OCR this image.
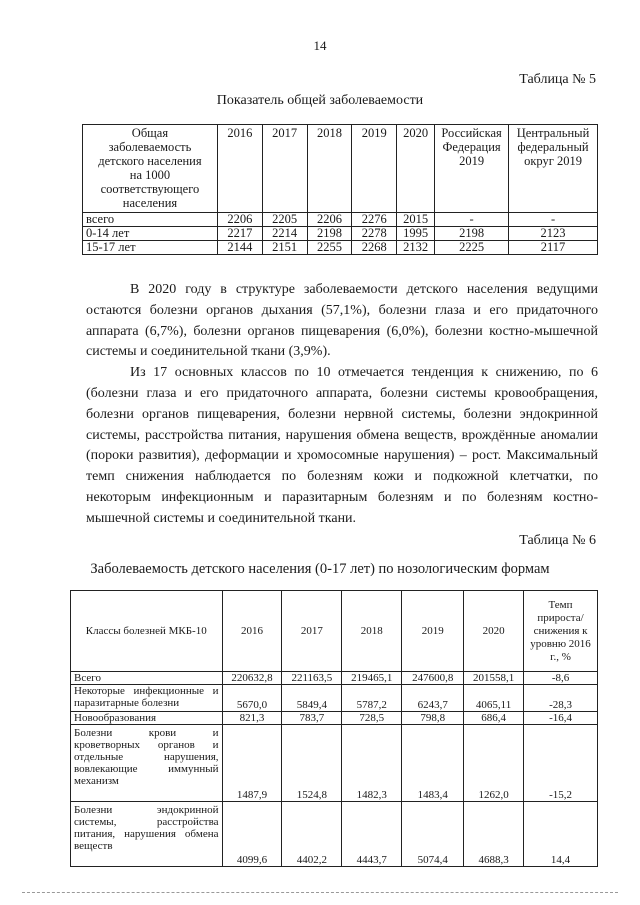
14
Таблица № 5
Показатель общей заболеваемости
Общая заболеваемость детского населения на 1000 соответствующего населения	2016	2017	2018	2019	2020	Российская Федерация 2019	Центральный федеральный округ 2019
всего	2206	2205	2206	2276	2015	-	-
0-14 лет	2217	2214	2198	2278	1995	2198	2123
15-17 лет	2144	2151	2255	2268	2132	2225	2117

В 2020 году в структуре заболеваемости детского населения ведущими остаются болезни органов дыхания (57,1%), болезни глаза и его придаточного аппарата (6,7%), болезни органов пищеварения (6,0%), болезни костно-мышечной системы и соединительной ткани (3,9%).

Из 17 основных классов по 10 отмечается тенденция к снижению, по 6 (болезни глаза и его придаточного аппарата, болезни системы кровообращения, болезни органов пищеварения, болезни нервной системы, болезни эндокринной системы, расстройства питания, нарушения обмена веществ, врождённые аномалии (пороки развития), деформации и хромосомные нарушения) – рост. Максимальный темп снижения наблюдается по болезням кожи и подкожной клетчатки, по некоторым инфекционным и паразитарным болезням и по болезням костно-мышечной системы и соединительной ткани.

Таблица № 6
Заболеваемость детского населения (0-17 лет) по нозологическим формам
Классы болезней МКБ-10	2016	2017	2018	2019	2020	Темп прироста/ снижения к уровню 2016 г., %
Всего	220632,8	221163,5	219465,1	247600,8	201558,1	-8,6
Некоторые инфекционные и паразитарные болезни	5670,0	5849,4	5787,2	6243,7	4065,11	-28,3
Новообразования	821,3	783,7	728,5	798,8	686,4	-16,4
Болезни крови и кроветворных органов и отдельные нарушения, вовлекающие иммунный механизм	1487,9	1524,8	1482,3	1483,4	1262,0	-15,2
Болезни эндокринной системы, расстройства питания, нарушения обмена веществ	4099,6	4402,2	4443,7	5074,4	4688,3	14,4
